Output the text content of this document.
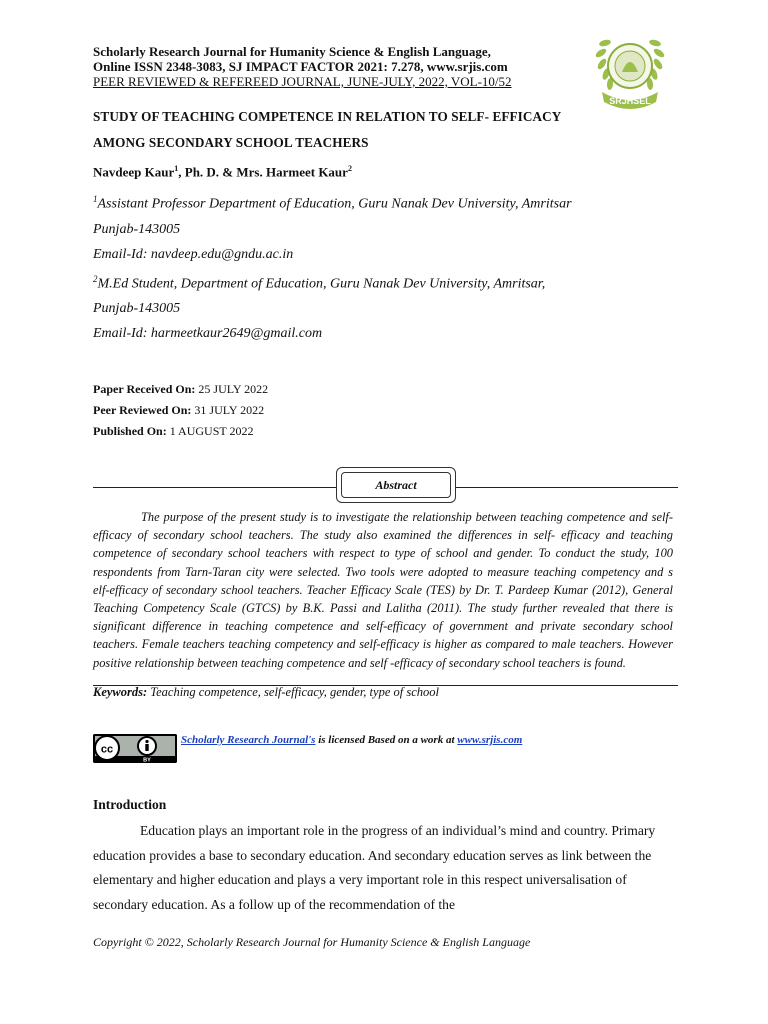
Scholarly Research Journal for Humanity Science & English Language,
Online ISSN 2348-3083, SJ IMPACT FACTOR 2021: 7.278, www.srjis.com
PEER REVIEWED & REFEREED JOURNAL, JUNE-JULY, 2022, VOL-10/52
SRJHSEL
STUDY OF TEACHING COMPETENCE IN RELATION TO SELF- EFFICACY
AMONG SECONDARY SCHOOL TEACHERS
Navdeep Kaur$^1$, Ph. D. & Mrs. Harmeet Kaur$^2$
$^1$Assistant Professor Department of Education, Guru Nanak Dev University, Amritsar
Punjab-143005
Email-Id: navdeep.edu@gndu.ac.in
$^2$M.Ed Student, Department of Education, Guru Nanak Dev University, Amritsar,
Punjab-143005
Email-Id: harmeetkaur2649@gmail.com
Paper Received On: 25 JULY 2022
Peer Reviewed On: 31 JULY 2022
Published On: 1 AUGUST 2022
Abstract
The purpose of the present study is to investigate the relationship between teaching competence and self-efficacy of secondary school teachers. The study also examined the differences in self- efficacy and teaching competence of secondary school teachers with respect to type of school and gender. To conduct the study, 100 respondents from Tarn-Taran city were selected. Two tools were adopted to measure teaching competency and s       elf-efficacy of secondary school teachers. Teacher Efficacy Scale (TES) by Dr. T. Pardeep Kumar (2012), General Teaching Competency Scale (GTCS) by B.K. Passi and Lalitha (2011). The study further revealed that there is significant difference in teaching competence and self-efficacy of government and private secondary school teachers. Female teachers teaching competency and self-efficacy is higher as compared to male teachers. However positive relationship between teaching competence and self -efficacy of secondary school teachers is found.
Keywords: Teaching competence, self-efficacy, gender, type of school
cc
BY
Scholarly Research Journal's is licensed Based on a work at www.srjis.com
Introduction
Education plays an important role in the progress of an individual’s mind and country. Primary education provides a base to secondary education. And secondary education serves as link between the elementary and higher education and plays a very important role in this respect universalisation of secondary education. As a follow up of the recommendation of the
Copyright © 2022, Scholarly Research Journal for Humanity Science & English Language
